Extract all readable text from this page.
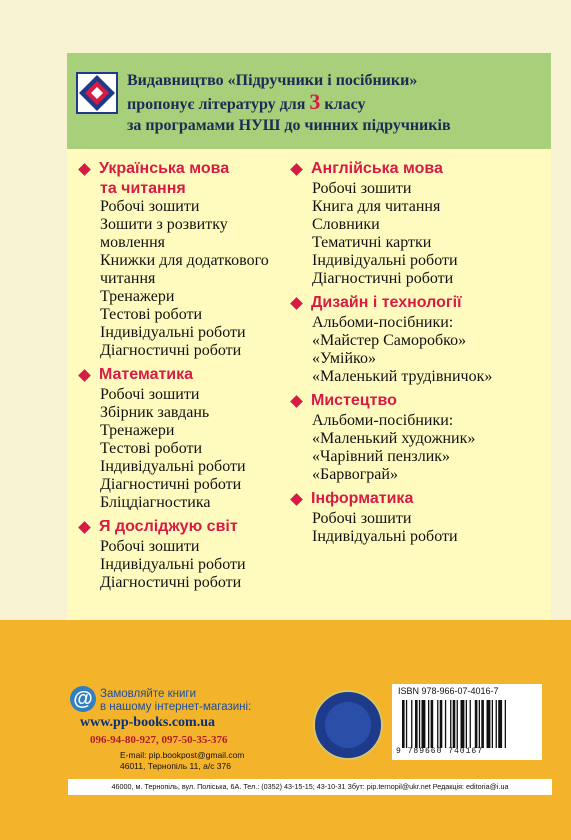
Видавництво «Підручники і посібники»
пропонує літературу для 3 класу
за програмами НУШ до чинних підручників
Українська мова
та читання
Робочі зошити
Зошити з розвитку
мовлення
Книжки для додаткового
читання
Тренажери
Тестові роботи
Індивідуальні роботи
Діагностичні роботи
Математика
Робочі зошити
Збірник завдань
Тренажери
Тестові роботи
Індивідуальні роботи
Діагностичні роботи
Бліцдіагностика
Я досліджую світ
Робочі зошити
Індивідуальні роботи
Діагностичні роботи
Англійська мова
Робочі зошити
Книга для читання
Словники
Тематичні картки
Індивідуальні роботи
Діагностичні роботи
Дизайн і технології
Альбоми-посібники:
«Майстер Саморобко»
«Умійко»
«Маленький трудівничок»
Мистецтво
Альбоми-посібники:
«Маленький художник»
«Чарівний пензлик»
«Барвограй»
Інформатика
Робочі зошити
Індивідуальні роботи
@ Замовляйте книги
в нашому інтернет-магазині:
www.pp-books.com.ua
096-94-80-927, 097-50-35-376
E-mail: pip.bookpost@gmail.com
46011, Тернопіль 11, а/с 376
ISBN 978-966-07-4016-7
9 789660 740167
46000, м. Тернопіль, вул. Поліська, 6А. Тел.: (0352) 43-15-15; 43-10-31 Збут: pip.ternopil@ukr.net Редакція: editoria@i.ua
